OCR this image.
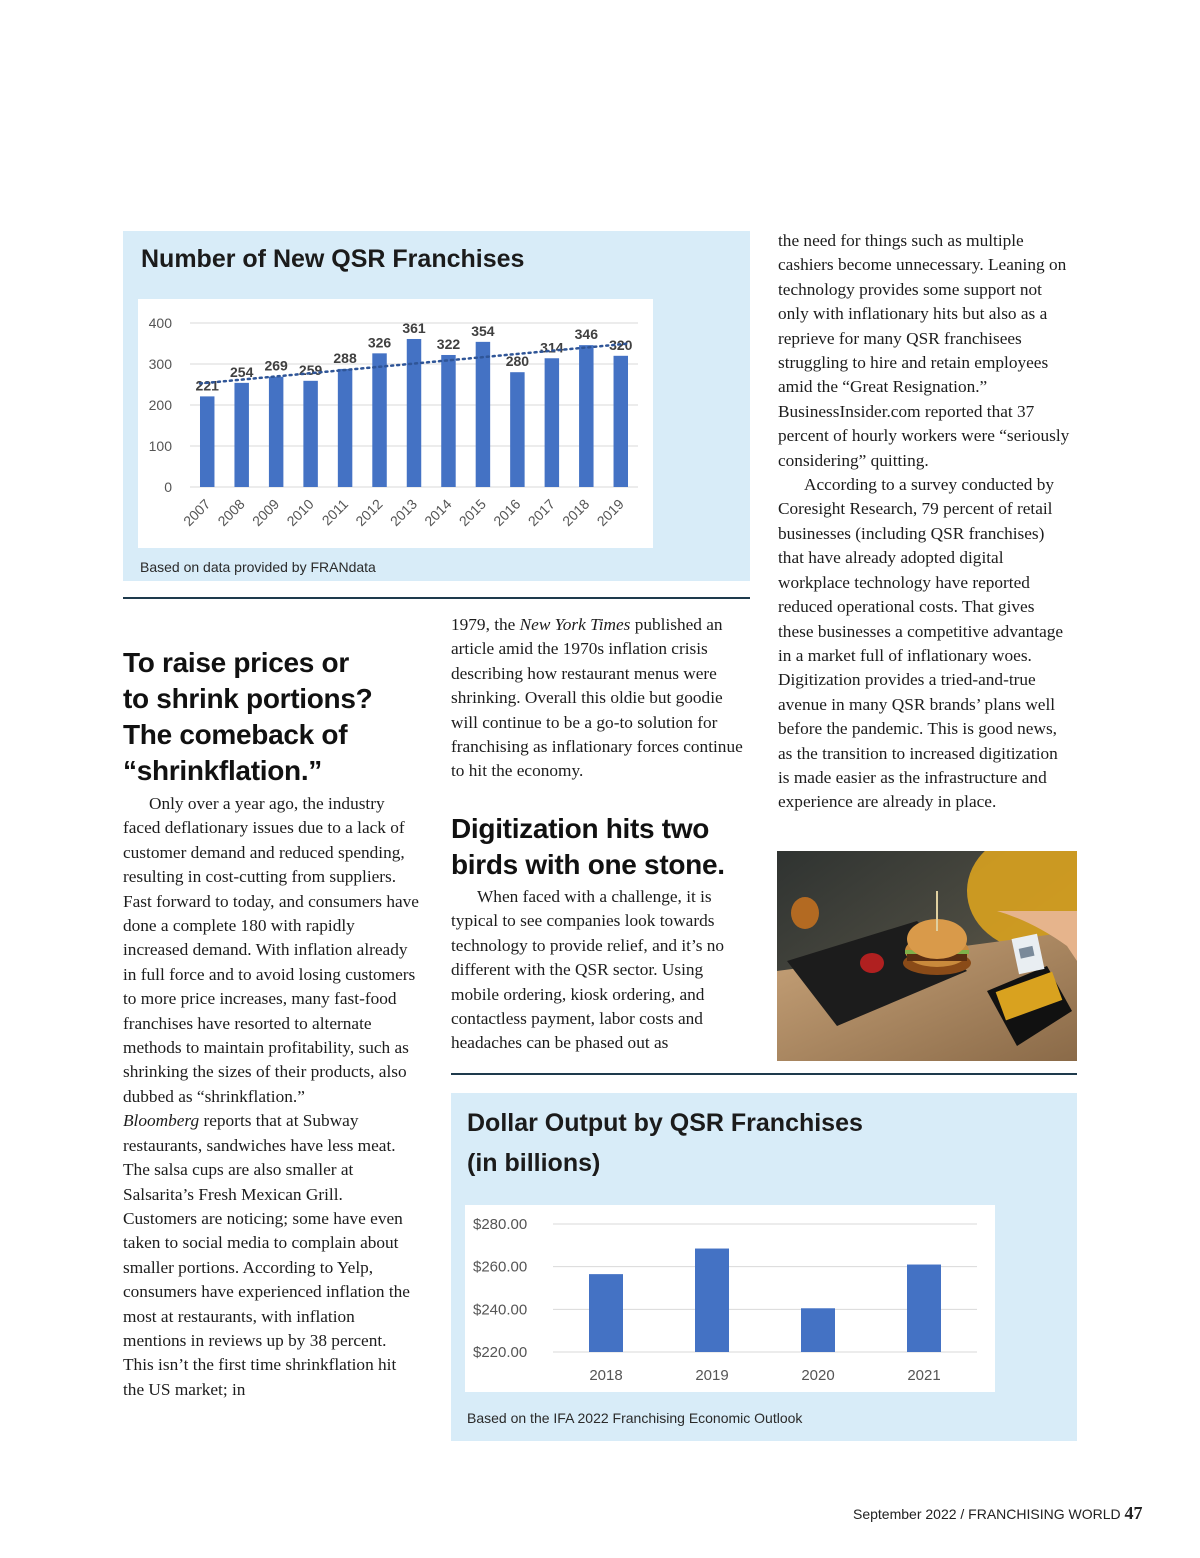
Number of New QSR Franchises
0
100
200
300
400
221
2007
254
2008
269
2009
259
2010
288
2011
326
2012
361
2013
322
2014
354
2015
280
2016
314
2017
346
2018
320
2019
Based on data provided by FRANdata
To raise prices or
to shrink portions?
The comeback of
“shrinkflation.”

Only over a year ago, the industry faced deflationary issues due to a lack of customer demand and reduced spending, resulting in cost-cutting from suppliers. Fast forward to today, and consumers have done a complete 180 with rapidly increased demand. With inflation already in full force and to avoid losing customers to more price increases, many fast-food franchises have resorted to alternate methods to maintain profitability, such as shrinking the sizes of their products, also dubbed as “shrinkflation.”

Bloomberg reports that at Subway restaurants, sandwiches have less meat. The salsa cups are also smaller at Salsarita’s Fresh Mexican Grill. Customers are noticing; some have even taken to social media to complain about smaller portions. According to Yelp, consumers have experienced inflation the most at restaurants, with inflation mentions in reviews up by 38 percent. This isn’t the first time shrinkflation hit the US market; in

1979, the New York Times published an article amid the 1970s inflation crisis describing how restaurant menus were shrinking. Overall this oldie but goodie will continue to be a go-to solution for franchising as inflationary forces continue to hit the economy.

Digitization hits two
birds with one stone.

When faced with a challenge, it is typical to see companies look towards technology to provide relief, and it’s no different with the QSR sector. Using mobile ordering, kiosk ordering, and contactless payment, labor costs and headaches can be phased out as

the need for things such as multiple cashiers become unnecessary. Leaning on technology provides some support not only with inflationary hits but also as a reprieve for many QSR franchisees struggling to hire and retain employees amid the “Great Resignation.” BusinessInsider.com reported that 37 percent of hourly workers were “seriously considering” quitting.

According to a survey conducted by Coresight Research, 79 percent of retail businesses (including QSR franchises) that have already adopted digital workplace technology have reported reduced operational costs. That gives these businesses a competitive advantage in a market full of inflationary woes. Digitization provides a tried-and-true avenue in many QSR brands’ plans well before the pandemic. This is good news, as the transition to increased digitization is made easier as the infrastructure and experience are already in place.

Dollar Output by QSR Franchises
(in billions)
$220.00
$240.00
$260.00
$280.00
2018	2019	2020	2021
Based on the IFA 2022 Franchising Economic Outlook
September 2022 / FRANCHISING WORLD 47
